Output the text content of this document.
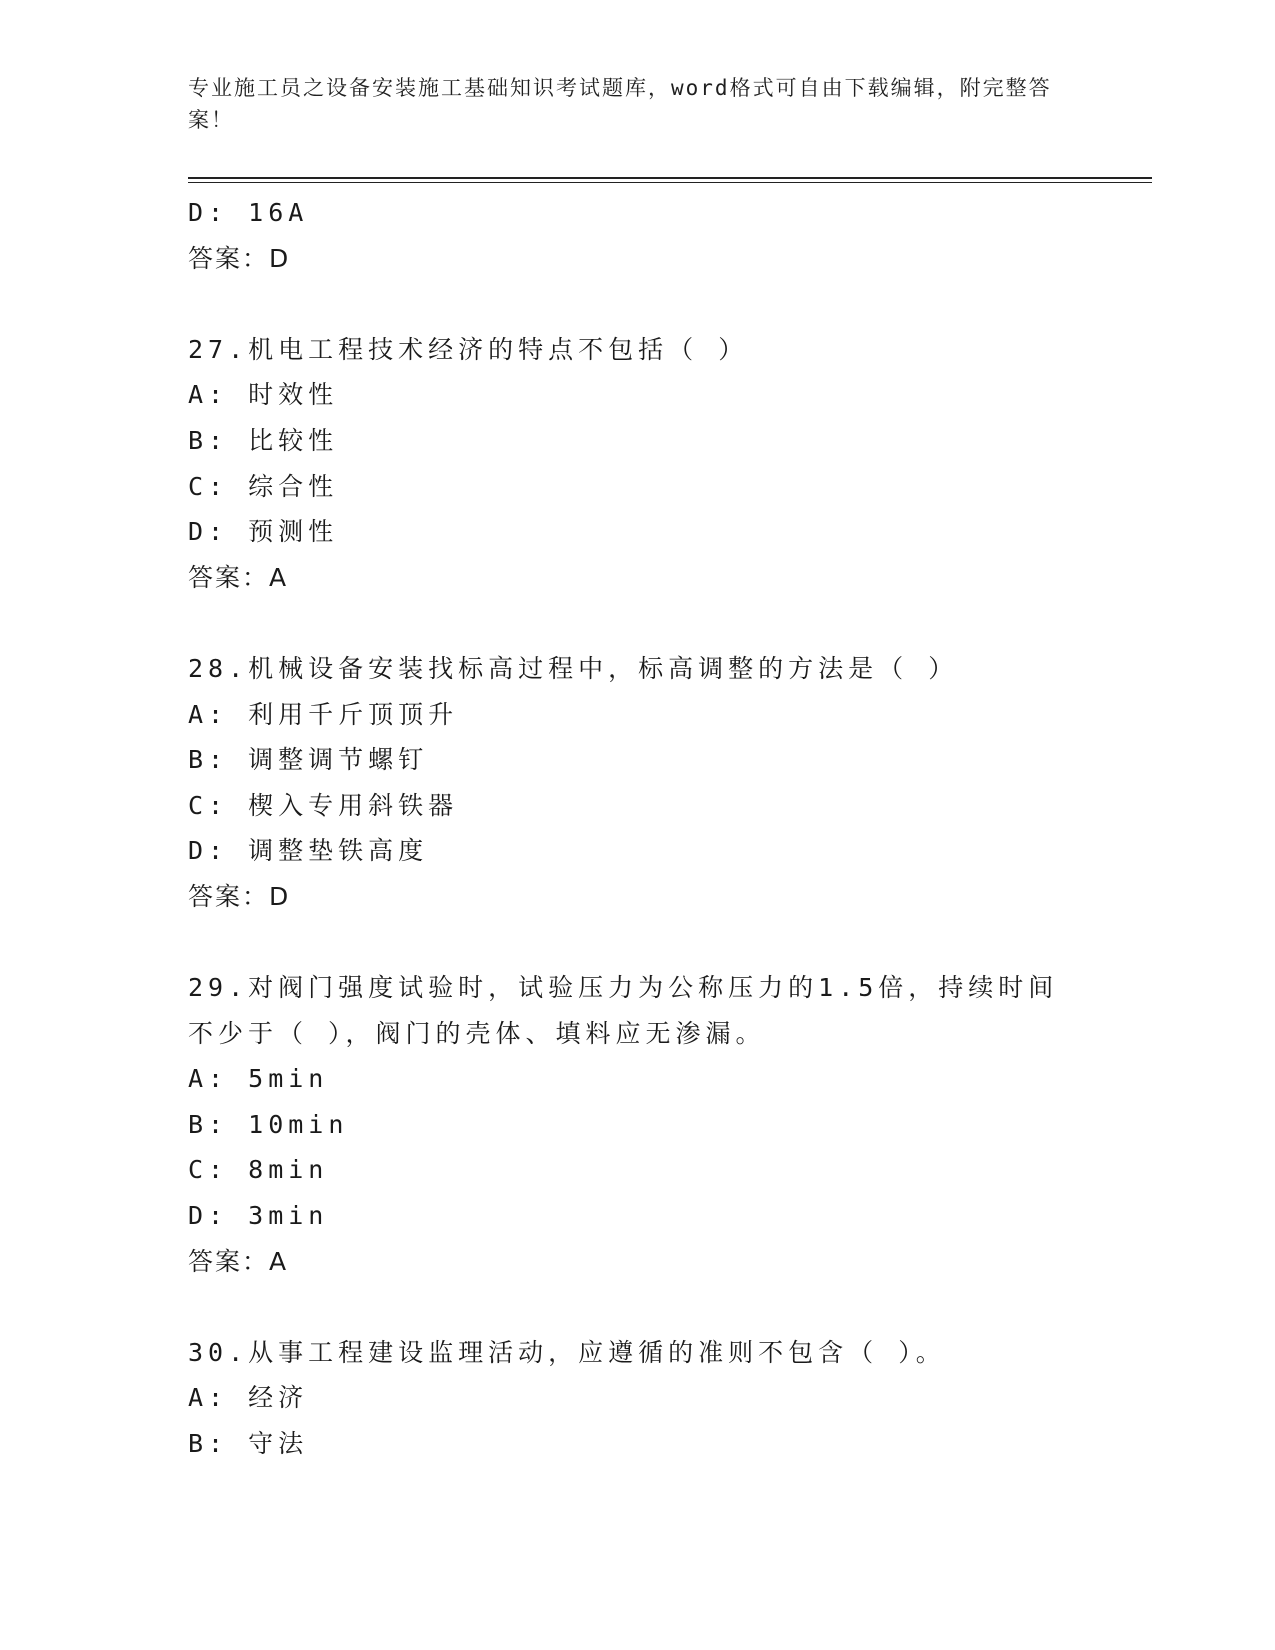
专业施工员之设备安装施工基础知识考试题库，word格式可自由下载编辑，附完整答案！
D: 16A
答案：D
27.机电工程技术经济的特点不包括（ ）
A: 时效性
B: 比较性
C: 综合性
D: 预测性
答案：A
28.机械设备安装找标高过程中，标高调整的方法是（ ）
A: 利用千斤顶顶升
B: 调整调节螺钉
C: 楔入专用斜铁器
D: 调整垫铁高度
答案：D
29.对阀门强度试验时，试验压力为公称压力的1.5倍，持续时间不少于（ ），阀门的壳体、填料应无渗漏。
A: 5min
B: 10min
C: 8min
D: 3min
答案：A
30.从事工程建设监理活动，应遵循的准则不包含（ ）。
A: 经济
B: 守法
